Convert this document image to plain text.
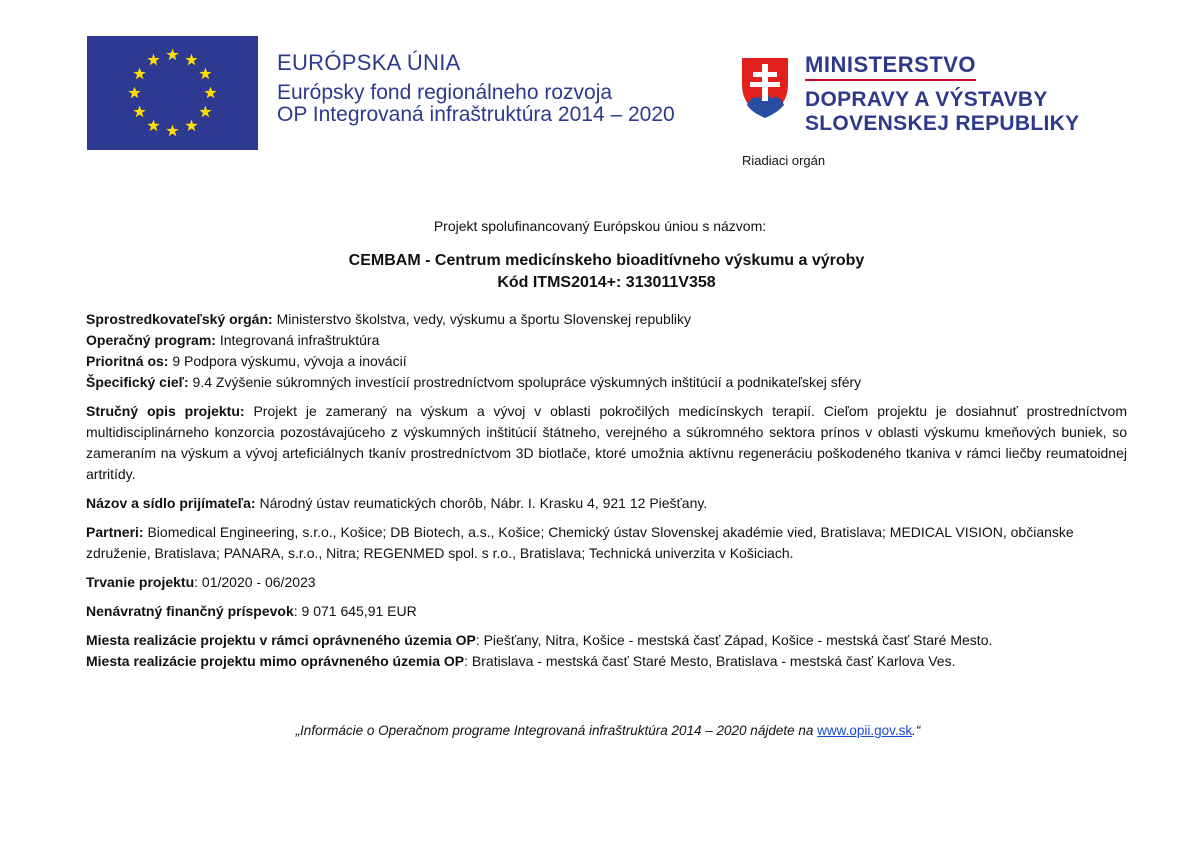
EURÓPSKA ÚNIA
Európsky fond regionálneho rozvoja
OP Integrovaná infraštruktúra 2014 – 2020
MINISTERSTVO
DOPRAVY A VÝSTAVBY
SLOVENSKEJ REPUBLIKY
Riadiaci orgán
Projekt spolufinancovaný Európskou úniou s názvom:
CEMBAM - Centrum medicínskeho bioaditívneho výskumu a výroby
Kód ITMS2014+: 313011V358

Sprostredkovateľský orgán: Ministerstvo školstva, vedy, výskumu a športu Slovenskej republiky

Operačný program: Integrovaná infraštruktúra

Prioritná os: 9 Podpora výskumu, vývoja a inovácií

Špecifický cieľ: 9.4 Zvýšenie súkromných investícií prostredníctvom spolupráce výskumných inštitúcií a podnikateľskej sféry

Stručný opis projektu: Projekt je zameraný na výskum a vývoj v oblasti pokročilých medicínskych terapií. Cieľom projektu je dosiahnuť prostredníctvom multidisciplinárneho konzorcia pozostávajúceho z výskumných inštitúcií štátneho, verejného a súkromného sektora prínos v oblasti výskumu kmeňových buniek, so zameraním na výskum a vývoj arteficiálnych tkanív prostredníctvom 3D biotlače, ktoré umožnia aktívnu regeneráciu poškodeného tkaniva v rámci liečby reumatoidnej artritídy.

Názov a sídlo prijímateľa: Národný ústav reumatických chorôb, Nábr. I. Krasku 4, 921 12 Piešťany.

Partneri: Biomedical Engineering, s.r.o., Košice; DB Biotech, a.s., Košice; Chemický ústav Slovenskej akadémie vied, Bratislava; MEDICAL VISION, občianske združenie, Bratislava; PANARA, s.r.o., Nitra; REGENMED spol. s r.o., Bratislava; Technická univerzita v Košiciach.

Trvanie projektu: 01/2020 - 06/2023

Nenávratný finančný príspevok: 9 071 645,91 EUR

Miesta realizácie projektu v rámci oprávneného územia OP: Piešťany, Nitra, Košice - mestská časť Západ, Košice - mestská časť Staré Mesto.

Miesta realizácie projektu mimo oprávneného územia OP: Bratislava - mestská časť Staré Mesto, Bratislava - mestská časť Karlova Ves.

„Informácie o Operačnom programe Integrovaná infraštruktúra 2014 – 2020 nájdete na www.opii.gov.sk.“
